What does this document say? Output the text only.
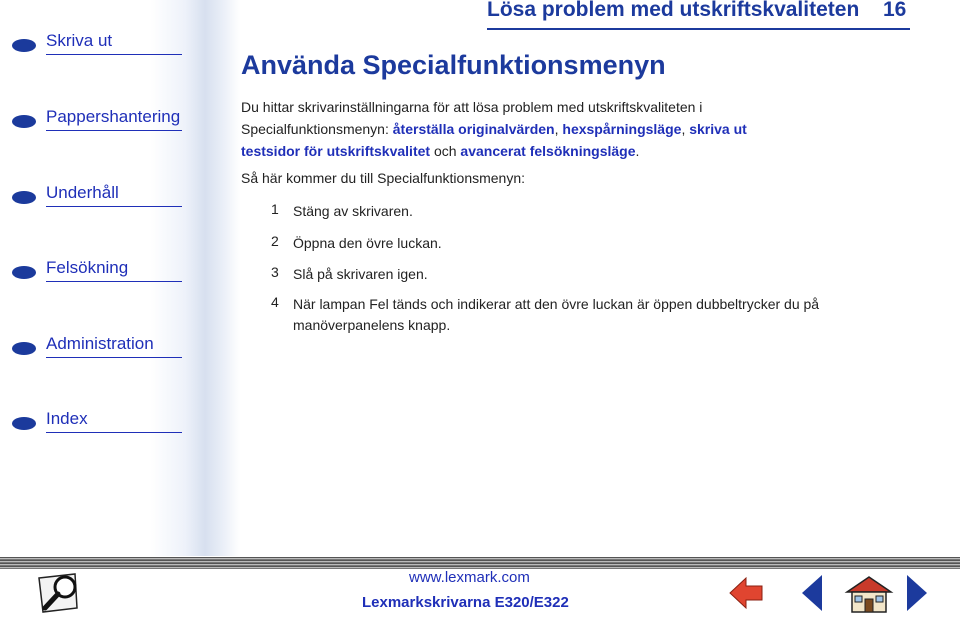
Lösa problem med utskriftskvaliteten 16
Skriva ut
Pappershantering
Underhåll
Felsökning
Administration
Index
Använda Specialfunktionsmenyn

Du hittar skrivarinställningarna för att lösa problem med utskriftskvaliteten i Specialfunktionsmenyn: återställa originalvärden, hexspårningsläge, skriva ut testsidor för utskriftskvalitet och avancerat felsökningsläge.

Så här kommer du till Specialfunktionsmenyn:

1	Stäng av skrivaren.
2	Öppna den övre luckan.
3	Slå på skrivaren igen.
4	När lampan Fel tänds och indikerar att den övre luckan är öppen dubbeltrycker du på manöverpanelens knapp.
www.lexmark.com
Lexmarkskrivarna E320/E322
